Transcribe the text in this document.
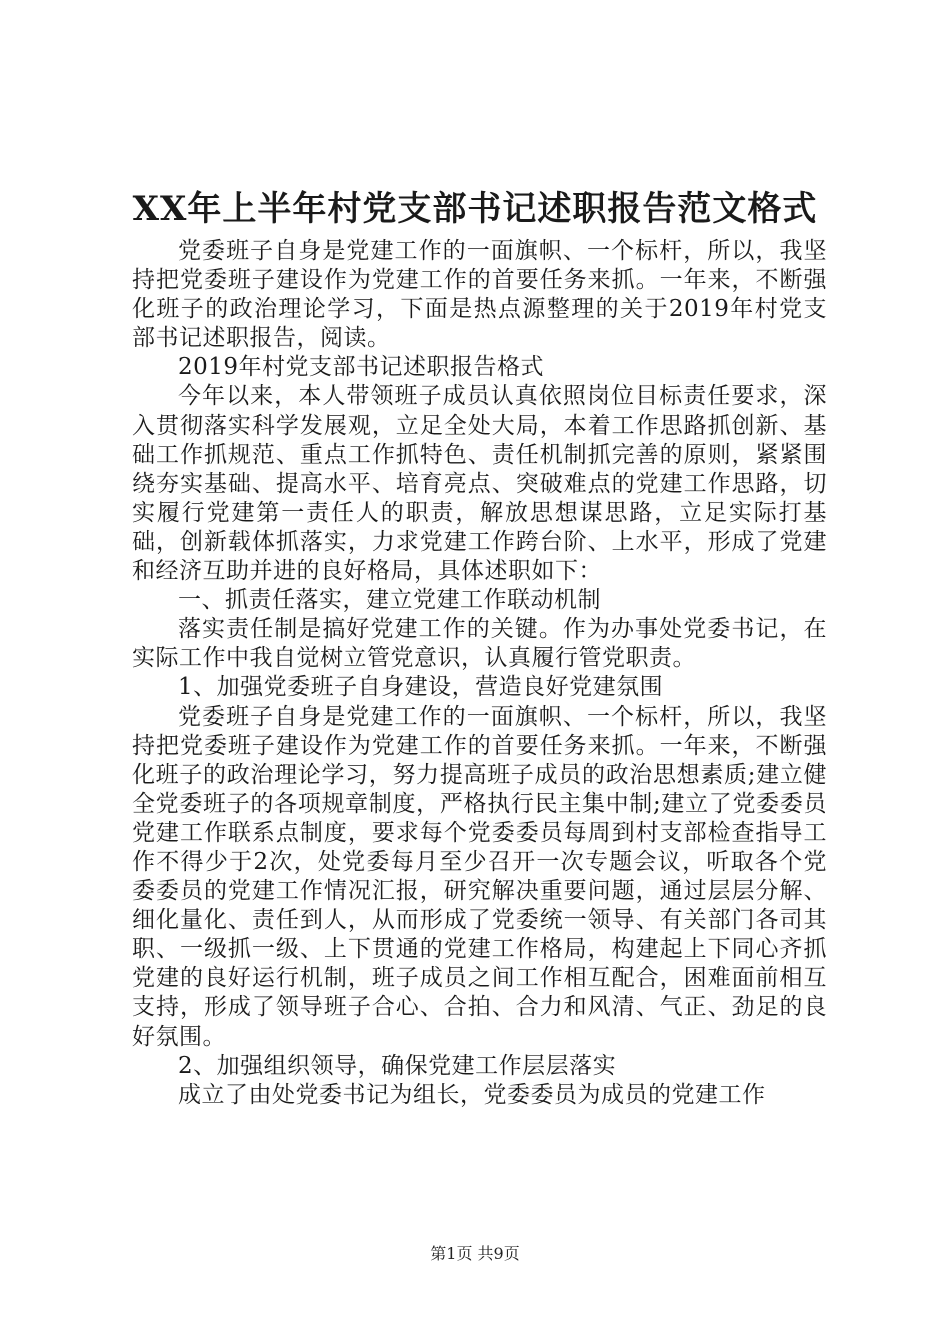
XX年上半年村党支部书记述职报告范文格式

党委班子自身是党建工作的一面旗帜、一个标杆，所以，我坚持把党委班子建设作为党建工作的首要任务来抓。一年来，不断强化班子的政治理论学习，下面是热点源整理的关于2019年村党支部书记述职报告，阅读。

2019年村党支部书记述职报告格式

今年以来，本人带领班子成员认真依照岗位目标责任要求，深入贯彻落实科学发展观，立足全处大局，本着工作思路抓创新、基础工作抓规范、重点工作抓特色、责任机制抓完善的原则，紧紧围绕夯实基础、提高水平、培育亮点、突破难点的党建工作思路，切实履行党建第一责任人的职责，解放思想谋思路，立足实际打基础，创新载体抓落实，力求党建工作跨台阶、上水平，形成了党建和经济互助并进的良好格局，具体述职如下：

一、抓责任落实，建立党建工作联动机制

落实责任制是搞好党建工作的关键。作为办事处党委书记，在实际工作中我自觉树立管党意识，认真履行管党职责。

1、加强党委班子自身建设，营造良好党建氛围

党委班子自身是党建工作的一面旗帜、一个标杆，所以，我坚持把党委班子建设作为党建工作的首要任务来抓。一年来，不断强化班子的政治理论学习，努力提高班子成员的政治思想素质;建立健全党委班子的各项规章制度，严格执行民主集中制;建立了党委委员党建工作联系点制度，要求每个党委委员每周到村支部检查指导工作不得少于2次，处党委每月至少召开一次专题会议，听取各个党委委员的党建工作情况汇报，研究解决重要问题，通过层层分解、细化量化、责任到人，从而形成了党委统一领导、有关部门各司其职、一级抓一级、上下贯通的党建工作格局，构建起上下同心齐抓党建的良好运行机制，班子成员之间工作相互配合，困难面前相互支持，形成了领导班子合心、合拍、合力和风清、气正、劲足的良好氛围。

2、加强组织领导，确保党建工作层层落实

成立了由处党委书记为组长，党委委员为成员的党建工作

第1页 共9页
